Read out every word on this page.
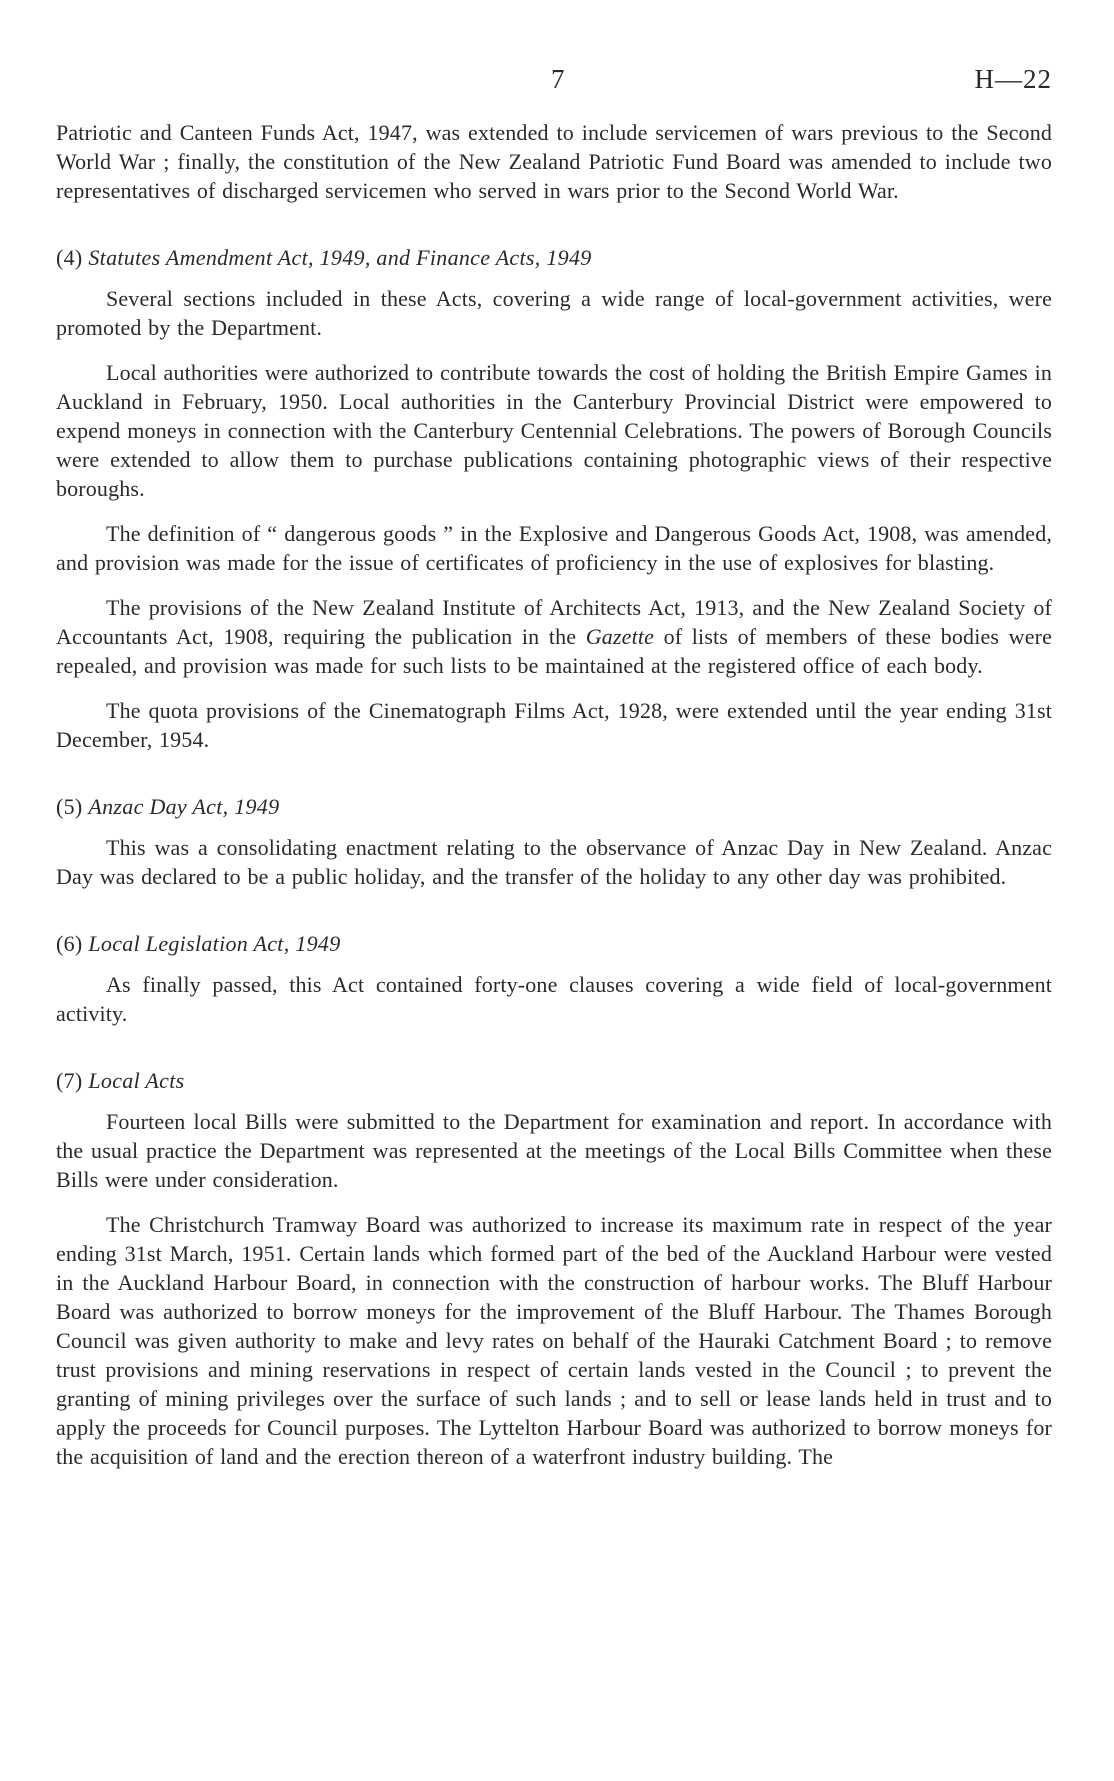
7	H—22

Patriotic and Canteen Funds Act, 1947, was extended to include servicemen of wars previous to the Second World War ; finally, the constitution of the New Zealand Patriotic Fund Board was amended to include two representatives of discharged servicemen who served in wars prior to the Second World War.

(4) Statutes Amendment Act, 1949, and Finance Acts, 1949

Several sections included in these Acts, covering a wide range of local-government activities, were promoted by the Department.

Local authorities were authorized to contribute towards the cost of holding the British Empire Games in Auckland in February, 1950. Local authorities in the Canterbury Provincial District were empowered to expend moneys in connection with the Canterbury Centennial Celebrations. The powers of Borough Councils were extended to allow them to purchase publications containing photographic views of their respective boroughs.

The definition of “ dangerous goods ” in the Explosive and Dangerous Goods Act, 1908, was amended, and provision was made for the issue of certificates of proficiency in the use of explosives for blasting.

The provisions of the New Zealand Institute of Architects Act, 1913, and the New Zealand Society of Accountants Act, 1908, requiring the publication in the Gazette of lists of members of these bodies were repealed, and provision was made for such lists to be maintained at the registered office of each body.

The quota provisions of the Cinematograph Films Act, 1928, were extended until the year ending 31st December, 1954.

(5) Anzac Day Act, 1949

This was a consolidating enactment relating to the observance of Anzac Day in New Zealand. Anzac Day was declared to be a public holiday, and the transfer of the holiday to any other day was prohibited.

(6) Local Legislation Act, 1949

As finally passed, this Act contained forty-one clauses covering a wide field of local-government activity.

(7) Local Acts

Fourteen local Bills were submitted to the Department for examination and report. In accordance with the usual practice the Department was represented at the meetings of the Local Bills Committee when these Bills were under consideration.

The Christchurch Tramway Board was authorized to increase its maximum rate in respect of the year ending 31st March, 1951. Certain lands which formed part of the bed of the Auckland Harbour were vested in the Auckland Harbour Board, in connection with the construction of harbour works. The Bluff Harbour Board was authorized to borrow moneys for the improvement of the Bluff Harbour. The Thames Borough Council was given authority to make and levy rates on behalf of the Hauraki Catchment Board ; to remove trust provisions and mining reservations in respect of certain lands vested in the Council ; to prevent the granting of mining privileges over the surface of such lands ; and to sell or lease lands held in trust and to apply the proceeds for Council purposes. The Lyttelton Harbour Board was authorized to borrow moneys for the acquisition of land and the erection thereon of a waterfront industry building. The
